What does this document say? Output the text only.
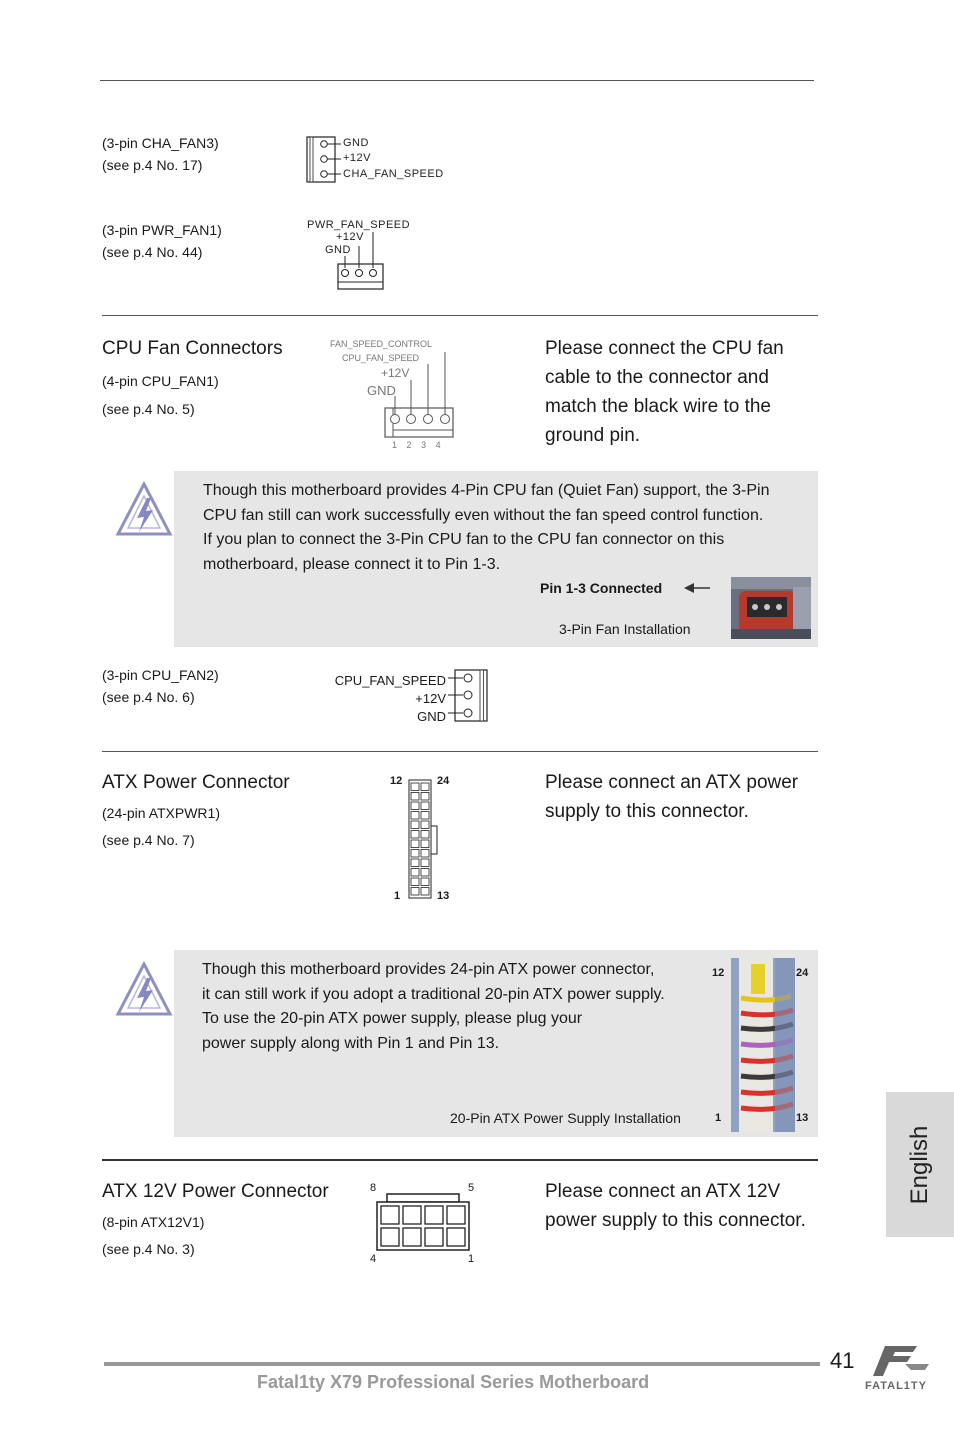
(3-pin CHA_FAN3)
(see p.4 No. 17)
GND
+12V
CHA_FAN_SPEED
(3-pin PWR_FAN1)
(see p.4 No. 44)
PWR_FAN_SPEED
+12V
GND
CPU Fan Connectors
(4-pin CPU_FAN1)
(see p.4 No. 5)
FAN_SPEED_CONTROL
CPU_FAN_SPEED
+12V
GND
1 2 3 4
Please connect the CPU fan
cable to the connector and
match the black wire to the
ground pin.
Though this motherboard provides 4-Pin CPU fan (Quiet Fan) support, the 3-Pin
CPU fan still can work successfully even without the fan speed control function.
If you plan to connect the 3-Pin CPU fan to the CPU fan connector on this
motherboard, please connect it to Pin 1-3.
Pin 1-3 Connected
3-Pin Fan Installation
(3-pin CPU_FAN2)
(see p.4 No. 6)
CPU_FAN_SPEED
+12V
GND
ATX Power Connector
(24-pin ATXPWR1)
(see p.4 No. 7)
12	24
1	13
Please connect an ATX power
supply to this connector.
Though this motherboard provides 24-pin ATX power connector,
it can still work if you adopt a traditional 20-pin ATX power supply.
To use the 20-pin ATX power supply, please plug your
power supply along with Pin 1 and Pin 13.
20-Pin ATX Power Supply Installation
12	24
1	13
ATX 12V Power Connector
(8-pin ATX12V1)
(see p.4 No. 3)
8	5
4	1
Please connect an ATX 12V
power supply to this connector.
English
41
Fatal1ty X79 Professional Series Motherboard	FATAL1TY
